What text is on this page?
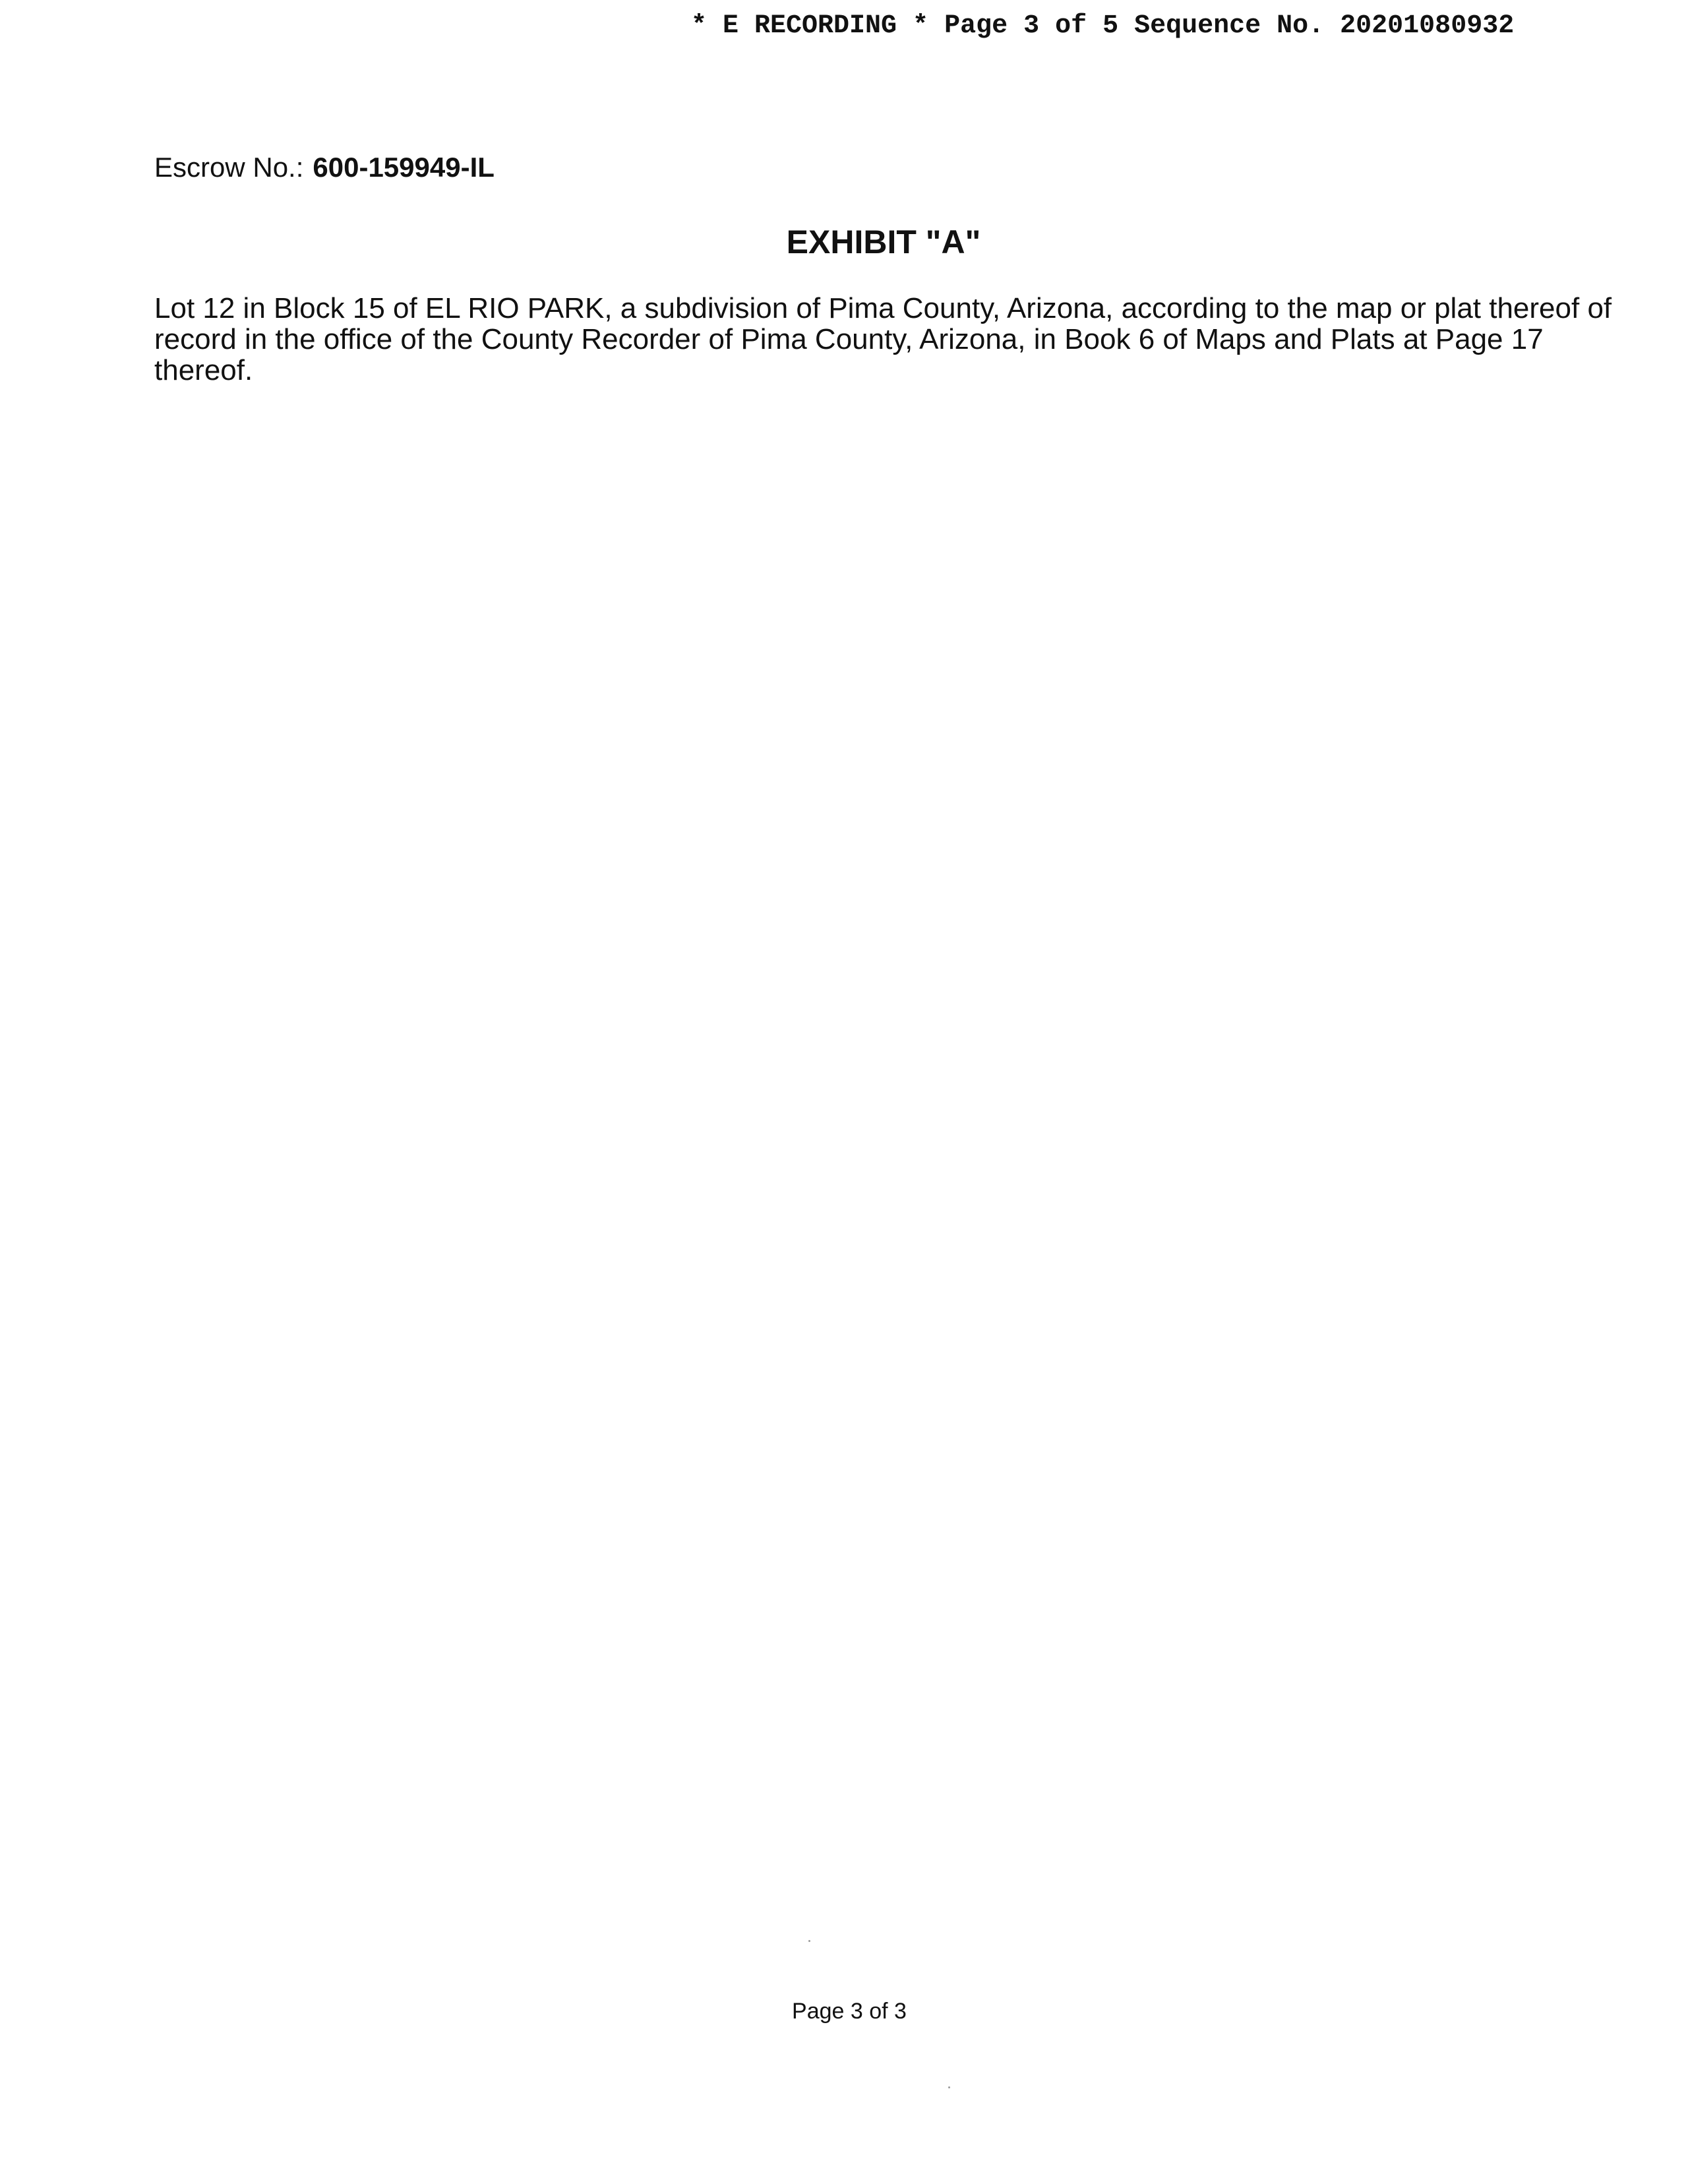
* E RECORDING * Page 3 of 5 Sequence No. 20201080932
Escrow No.: 600-159949-IL
EXHIBIT "A"

Lot 12 in Block 15 of EL RIO PARK, a subdivision of Pima County, Arizona, according to the map or plat thereof of
record in the office of the County Recorder of Pima County, Arizona, in Book 6 of Maps and Plats at Page 17
thereof.

Page 3 of 3
